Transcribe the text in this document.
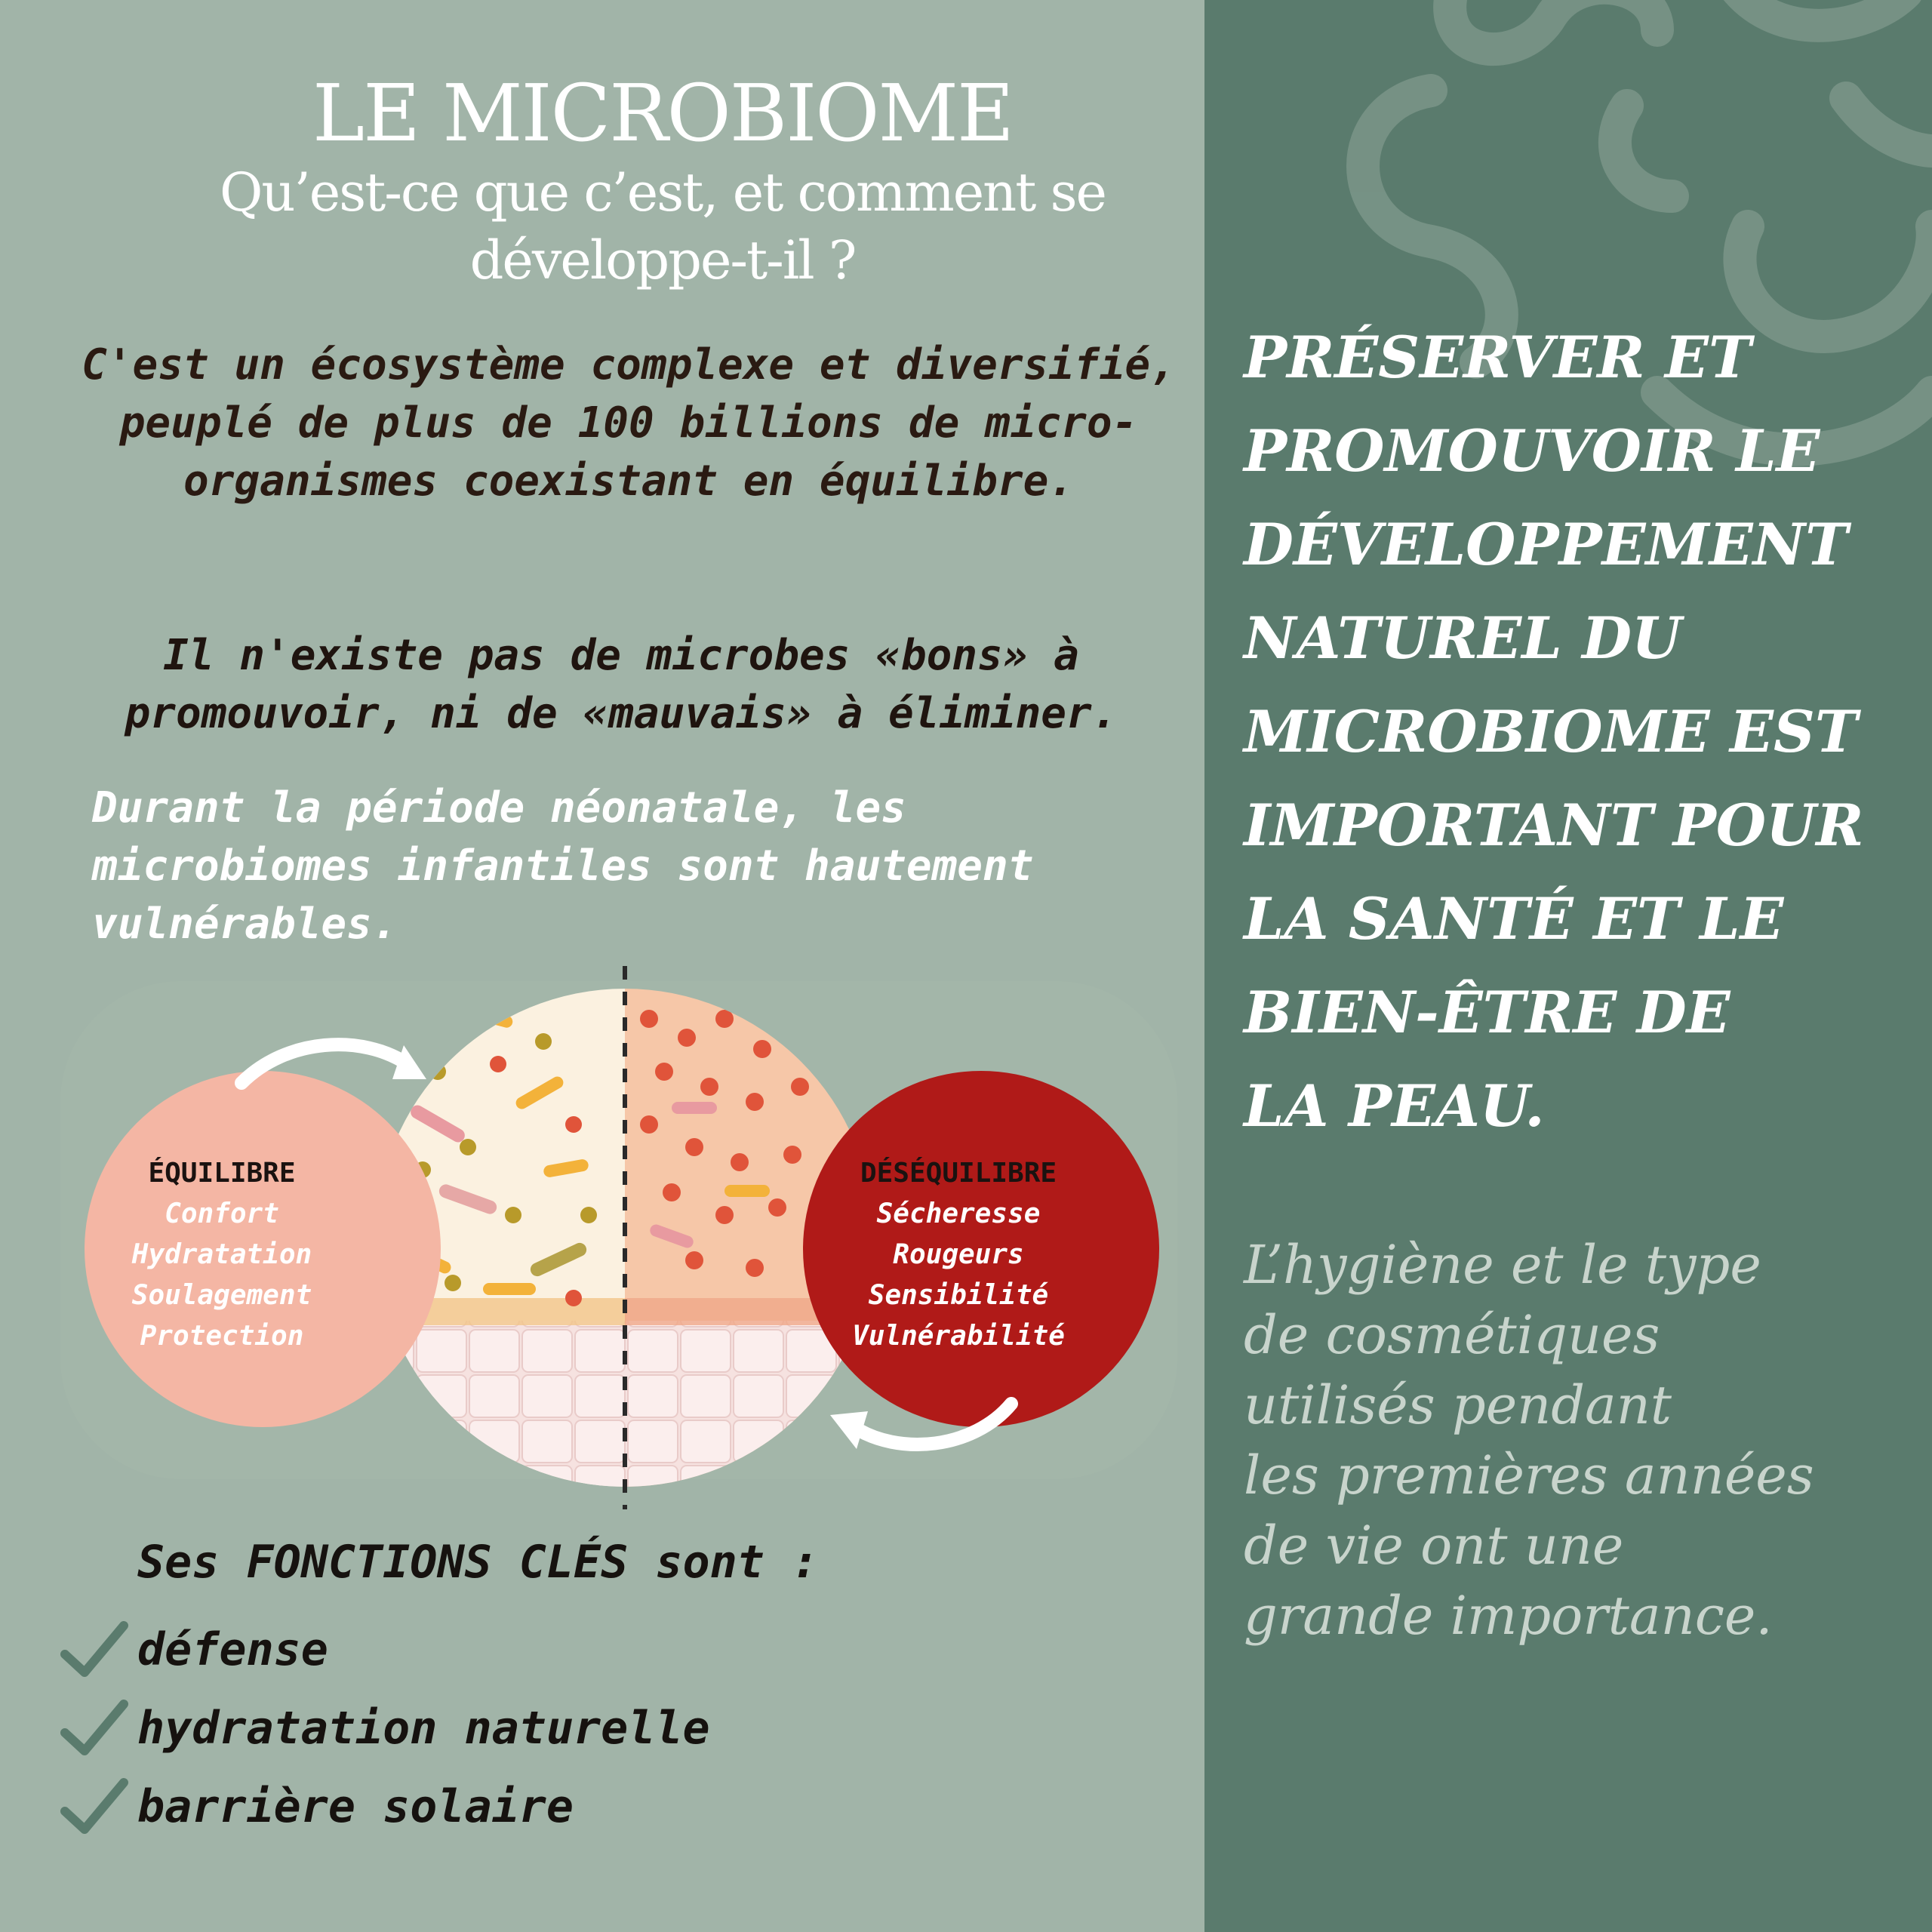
LE MICROBIOME
Qu’est-ce que c’est, et comment se développe-t-il ?
C'est un écosystème complexe et diversifié, peuplé de plus de 100 billions de micro-organismes coexistant en équilibre.
Il n'existe pas de microbes «bons» à promouvoir, ni de «mauvais» à éliminer.
Durant la période néonatale, les microbiomes infantiles sont hautement vulnérables.
ÉQUILIBRE
Confort
Hydratation
Soulagement
Protection
DÉSÉQUILIBRE
Sécheresse
Rougeurs
Sensibilité
Vulnérabilité
Ses FONCTIONS CLÉS sont :
défense
hydratation naturelle
barrière solaire
PRÉSERVER ET
PROMOUVOIR LE
DÉVELOPPEMENT
NATUREL DU
MICROBIOME EST
IMPORTANT POUR
LA SANTÉ ET LE
BIEN-ÊTRE DE
LA PEAU.
L’hygiène et le type
de cosmétiques
utilisés pendant
les premières années
de vie ont une
grande importance.
